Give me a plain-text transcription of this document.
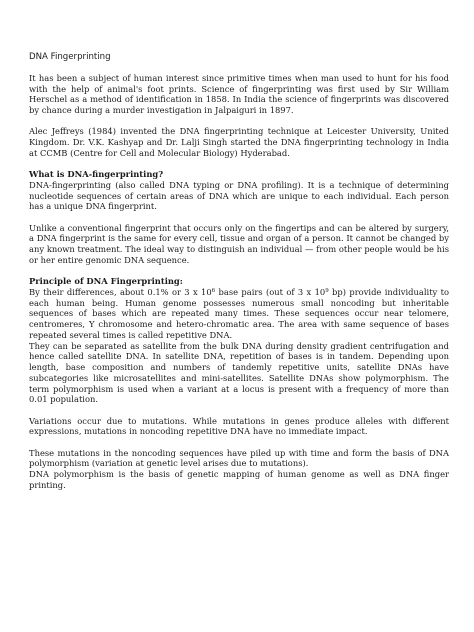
DNA Fingerprinting

It has been a subject of human interest since primitive times when man used to hunt for his food with the help of animal's foot prints. Science of fingerprinting was first used by Sir William Herschel as a method of identification in 1858. In India the science of fingerprints was discovered by chance during a murder investigation in Jalpaiguri in 1897.

Alec Jeffreys (1984) invented the DNA fingerprinting technique at Leicester University, United Kingdom. Dr. V.K. Kashyap and Dr. Lalji Singh started the DNA fingerprinting technology in India at CCMB (Centre for Cell and Molecular Biology) Hyderabad.

What is DNA-fingerprinting?

DNA-fingerprinting (also called DNA typing or DNA profiling). It is a technique of determining nucleotide sequences of certain areas of DNA which are unique to each individual. Each person has a unique DNA fingerprint.

Unlike a conventional fingerprint that occurs only on the fingertips and can be altered by surgery, a DNA fingerprint is the same for every cell, tissue and organ of a person. It cannot be changed by any known treatment. The ideal way to distinguish an individual — from other people would be his or her entire genomic DNA sequence.

Principle of DNA Fingerprinting:

By their differences, about 0.1% or 3 x $10^6$ base pairs (out of 3 x $10^9$ bp) provide individuality to each human being. Human genome possesses numerous small noncoding but inheritable sequences of bases which are repeated many times. These sequences occur near telomere, centromeres, Y chromosome and hetero-chromatic area. The area with same sequence of bases repeated several times is called repetitive DNA.

They can be separated as satellite from the bulk DNA during density gradient centrifugation and hence called satellite DNA. In satellite DNA, repetition of bases is in tandem. Depending upon length, base composition and numbers of tandemly repetitive units, satellite DNAs have subcategories like microsatellites and mini-satellites. Satellite DNAs show polymorphism. The term polymorphism is used when a variant at a locus is present with a frequency of more than 0.01 population.

Variations occur due to mutations. While mutations in genes produce alleles with different expressions, mutations in noncoding repetitive DNA have no immediate impact.

These mutations in the noncoding sequences have piled up with time and form the basis of DNA polymorphism (variation at genetic level arises due to mutations).

DNA polymorphism is the basis of genetic mapping of human genome as well as DNA finger printing.
